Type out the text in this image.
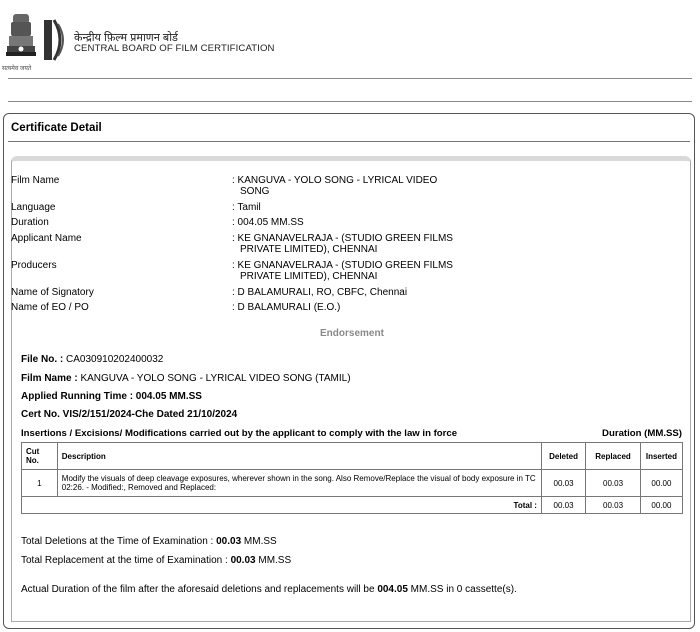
सत्यमेव जयते
केन्द्रीय फ़िल्म प्रमाणन बोर्ड
CENTRAL BOARD OF FILM CERTIFICATION
Certificate Detail
Film Name	: KANGUVA - YOLO SONG - LYRICAL VIDEO
SONG
Language	: Tamil
Duration	: 004.05 MM.SS
Applicant Name	: KE GNANAVELRAJA - (STUDIO GREEN FILMS
PRIVATE LIMITED), CHENNAI
Producers	: KE GNANAVELRAJA - (STUDIO GREEN FILMS
PRIVATE LIMITED), CHENNAI
Name of Signatory	: D BALAMURALI, RO, CBFC, Chennai
Name of EO / PO	: D BALAMURALI (E.O.)
Endorsement
File No. : CA030910202400032
Film Name : KANGUVA - YOLO SONG - LYRICAL VIDEO SONG (TAMIL)
Applied Running Time : 004.05 MM.SS
Cert No. VIS/2/151/2024-Che Dated 21/10/2024
Insertions / Excisions/ Modifications carried out by the applicant to comply with the law in force	Duration (MM.SS)
Cut
No.	Description	Deleted	Replaced	Inserted
1	Modify the visuals of deep cleavage exposures, wherever shown in the song. Also Remove/Replace the visual of body exposure in TC 02:26. - Modified:, Removed and Replaced:	00.03	00.03	00.00
Total :		00.03	00.03	00.00
Total Deletions at the Time of Examination : 00.03 MM.SS
Total Replacement at the time of Examination : 00.03 MM.SS
Actual Duration of the film after the aforesaid deletions and replacements will be 004.05 MM.SS in 0 cassette(s).
